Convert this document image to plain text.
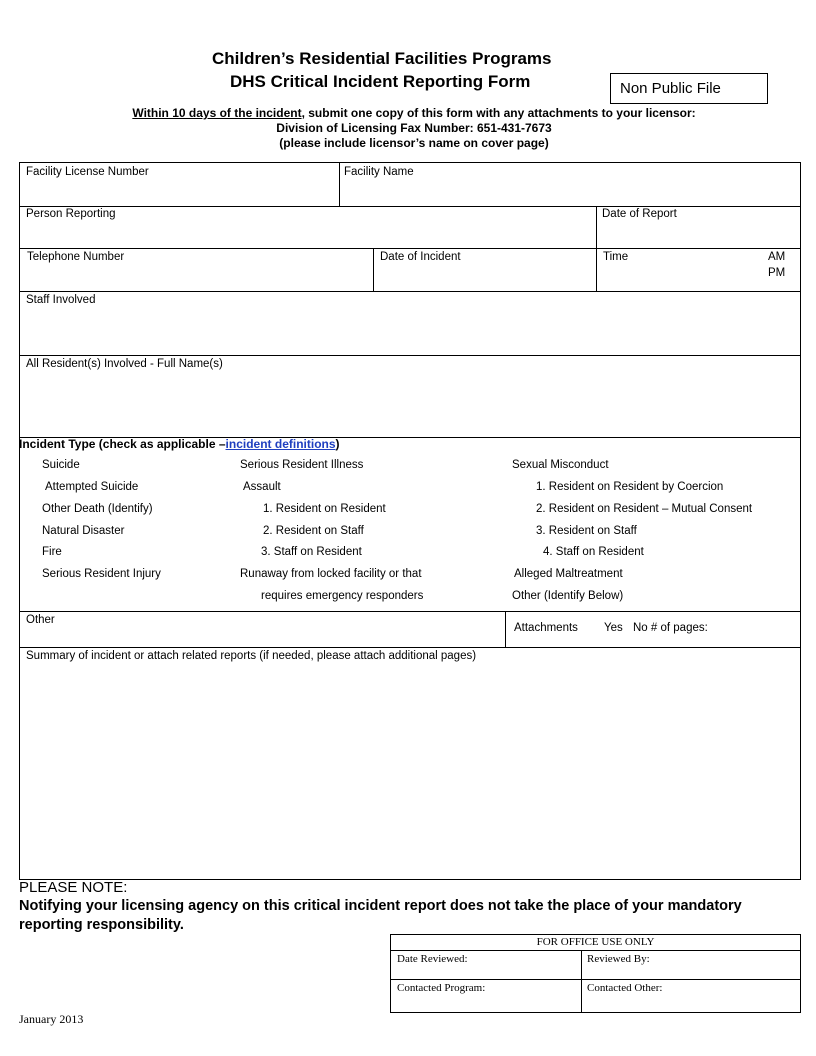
Children’s Residential Facilities Programs
DHS Critical Incident Reporting Form	Non Public File
Within 10 days of the incident, submit one copy of this form with any attachments to your licensor:
Division of Licensing Fax Number: 651-431-7673
(please include licensor’s name on cover page)
Facility License Number	Facility Name
Person Reporting	Date of Report
Telephone Number	Date of Incident	Time	AM
PM
Staff Involved
All Resident(s) Involved - Full Name(s)
Incident Type (check as applicable –incident definitions)
Suicide
Attempted Suicide
Other Death (Identify)
Natural Disaster
Fire
Serious Resident Injury
Serious Resident Illness
Assault
1. Resident on Resident
2. Resident on Staff
3. Staff on Resident
Runaway from locked facility or that
requires emergency responders
Sexual Misconduct
1. Resident on Resident by Coercion
2. Resident on Resident – Mutual Consent
3. Resident on Staff
4. Staff on Resident
Alleged Maltreatment
Other (Identify Below)
Other
Attachments Yes No # of pages:
Summary of incident or attach related reports (if needed, please attach additional pages)
PLEASE NOTE:
Notifying your licensing agency on this critical incident report does not take the place of your mandatory reporting responsibility.
FOR OFFICE USE ONLY
Date Reviewed:	Reviewed By:
Contacted Program:	Contacted Other:
January 2013
